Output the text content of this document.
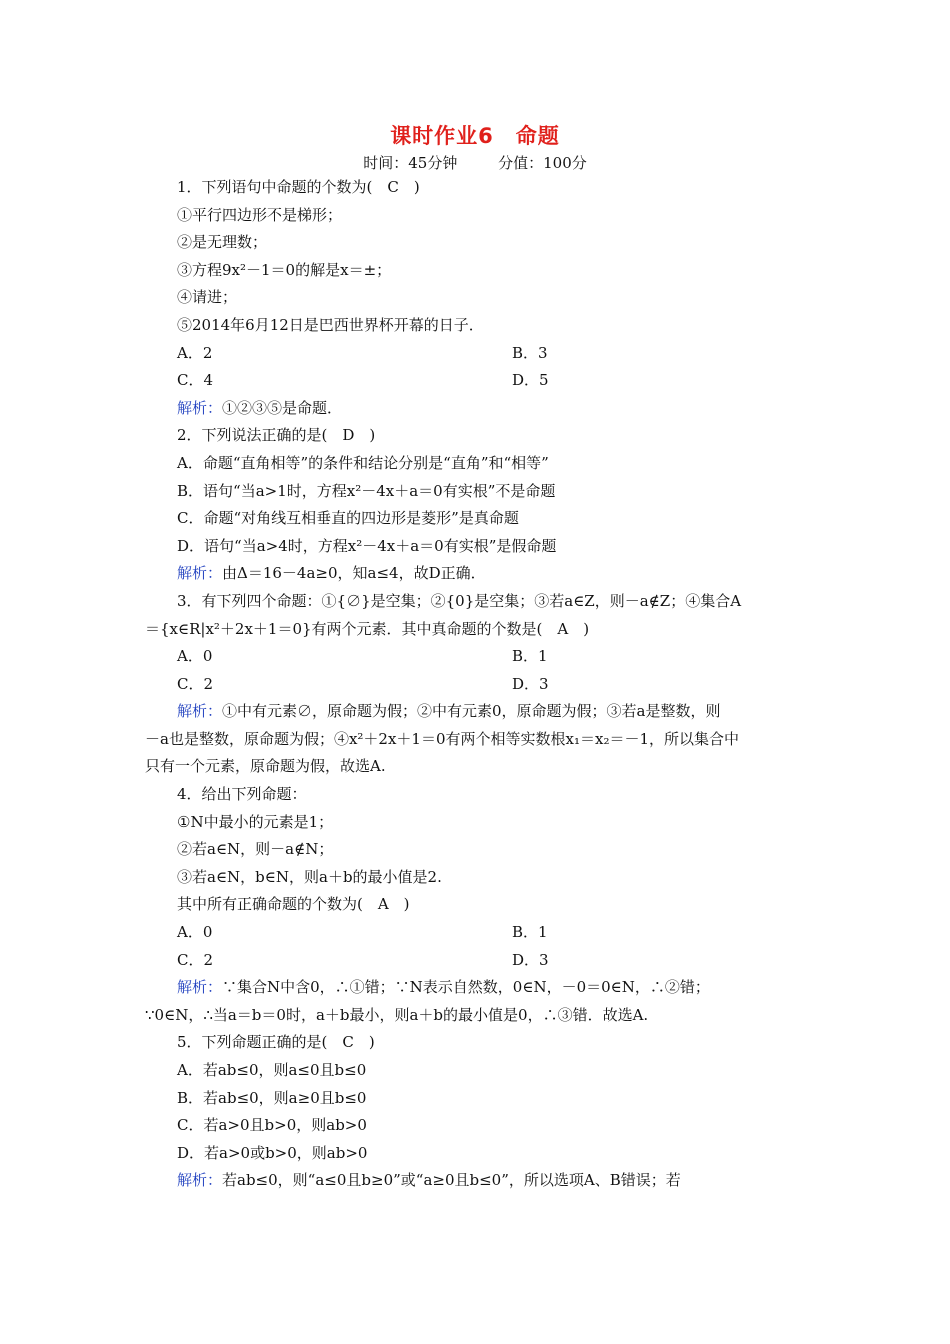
课时作业6　命题
时间：45分钟	分值：100分
1．下列语句中命题的个数为(　C　)
①平行四边形不是梯形；
②是无理数；
③方程9x²－1＝0的解是x＝±；
④请进；
⑤2014年6月12日是巴西世界杯开幕的日子．
A．2	B．3
C．4	D．5
解析：①②③⑤是命题．
2．下列说法正确的是(　D　)
A．命题“直角相等”的条件和结论分别是“直角”和“相等”
B．语句“当a>1时，方程x²－4x＋a＝0有实根”不是命题
C．命题“对角线互相垂直的四边形是菱形”是真命题
D．语句“当a>4时，方程x²－4x＋a＝0有实根”是假命题
解析：由Δ＝16－4a≥0，知a≤4，故D正确．
3．有下列四个命题：①{∅}是空集；②{0}是空集；③若a∈Z，则－a∉Z；④集合A
＝{x∈R|x²＋2x＋1＝0}有两个元素．其中真命题的个数是(　A　)
A．0	B．1
C．2	D．3
解析：①中有元素∅，原命题为假；②中有元素0，原命题为假；③若a是整数，则
－a也是整数，原命题为假；④x²＋2x＋1＝0有两个相等实数根x₁＝x₂＝－1，所以集合中
只有一个元素，原命题为假，故选A.
4．给出下列命题：
①N中最小的元素是1；
②若a∈N，则－a∉N；
③若a∈N，b∈N，则a＋b的最小值是2.
其中所有正确命题的个数为(　A　)
A．0	B．1
C．2	D．3
解析：∵集合N中含0，∴①错；∵N表示自然数，0∈N，－0＝0∈N，∴②错；
∵0∈N，∴当a＝b＝0时，a＋b最小，则a＋b的最小值是0，∴③错．故选A.
5．下列命题正确的是(　C　)
A．若ab≤0，则a≤0且b≤0
B．若ab≤0，则a≥0且b≤0
C．若a>0且b>0，则ab>0
D．若a>0或b>0，则ab>0
解析：若ab≤0，则“a≤0且b≥0”或“a≥0且b≤0”，所以选项A、B错误；若
